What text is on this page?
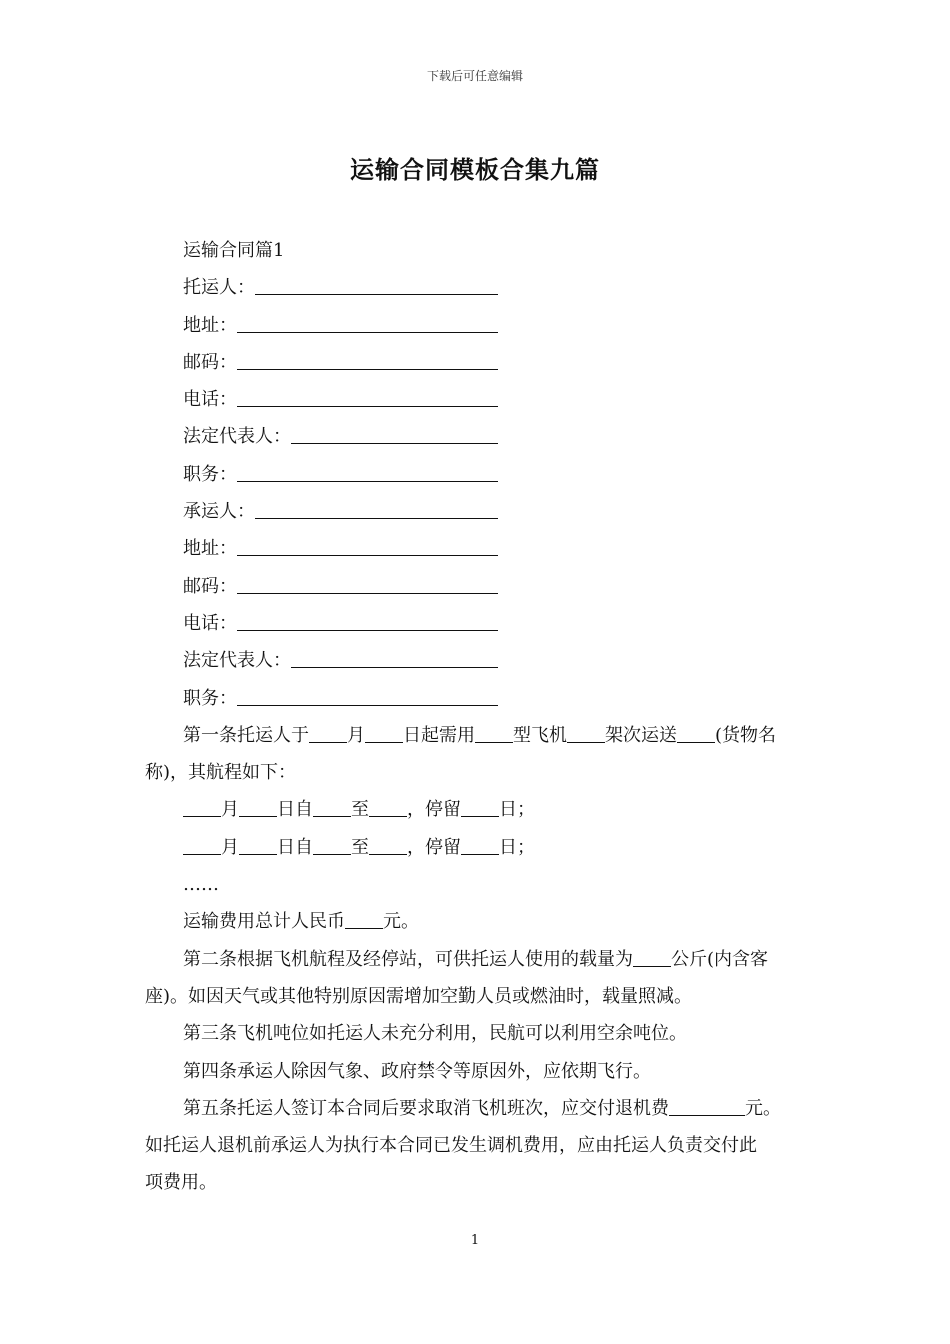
下载后可任意编辑
运输合同模板合集九篇
运输合同篇1
托运人：
地址：
邮码：
电话：
法定代表人：
职务：
承运人：
地址：
邮码：
电话：
法定代表人：
职务：
第一条托运人于 月 日起需用 型飞机 架次运送 (货物名
称)，其航程如下：
月 日自 至 ，停留 日；
月 日自 至 ，停留 日；
……
运输费用总计人民币 元。
第二条根据飞机航程及经停站，可供托运人使用的载量为 公斤(内含客
座)。如因天气或其他特别原因需增加空勤人员或燃油时，载量照减。
第三条飞机吨位如托运人未充分利用，民航可以利用空余吨位。
第四条承运人除因气象、政府禁令等原因外，应依期飞行。
第五条托运人签订本合同后要求取消飞机班次，应交付退机费	元。
如托运人退机前承运人为执行本合同已发生调机费用，应由托运人负责交付此
项费用。
1
